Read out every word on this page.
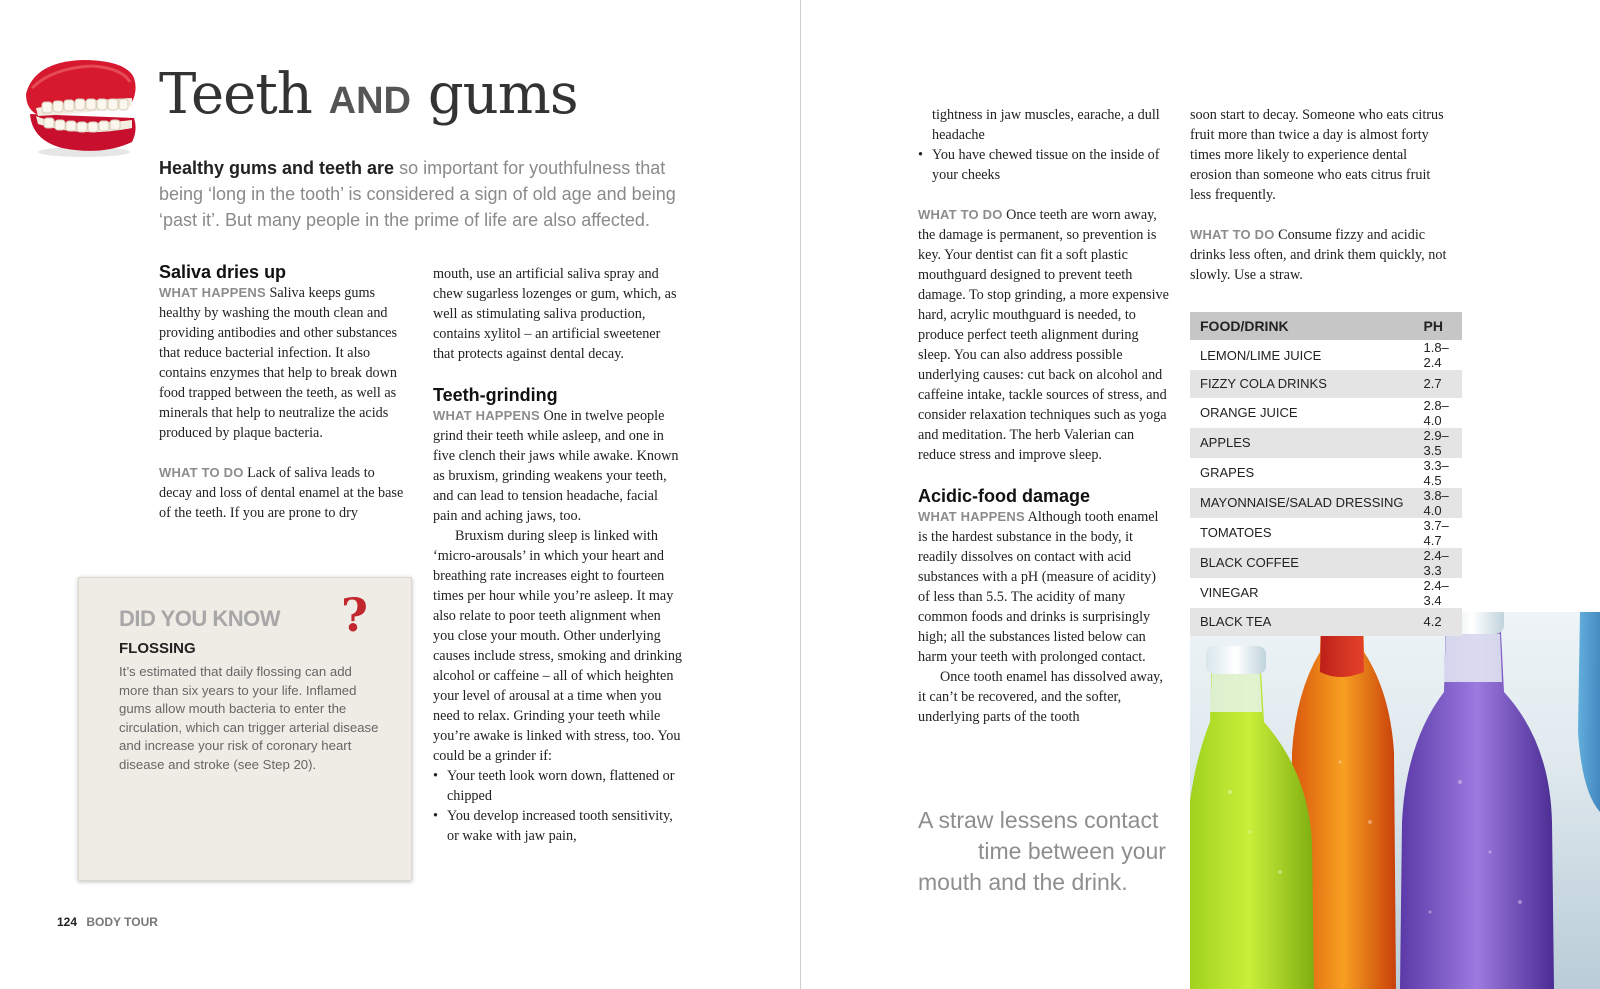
Teeth AND gums
Healthy gums and teeth are so important for youthfulness that being ‘long in the tooth’ is considered a sign of old age and being ‘past it’. But many people in the prime of life are also affected.
Saliva dries up

WHAT HAPPENS Saliva keeps gums healthy by washing the mouth clean and providing antibodies and other substances that reduce bacterial infection. It also contains enzymes that help to break down food trapped between the teeth, as well as minerals that help to neutralize the acids produced by plaque bacteria.

WHAT TO DO Lack of saliva leads to decay and loss of dental enamel at the base of the teeth. If you are prone to dry

mouth, use an artificial saliva spray and chew sugarless lozenges or gum, which, as well as stimulating saliva production, contains xylitol – an artificial sweetener that protects against dental decay.

Teeth-grinding

WHAT HAPPENS One in twelve people grind their teeth while asleep, and one in five clench their jaws while awake. Known as bruxism, grinding weakens your teeth, and can lead to tension headache, facial pain and aching jaws, too.

Bruxism during sleep is linked with ‘micro-arousals’ in which your heart and breathing rate increases eight to fourteen times per hour while you’re asleep. It may also relate to poor teeth alignment when you close your mouth. Other underlying causes include stress, smoking and drinking alcohol or caffeine – all of which heighten your level of arousal at a time when you need to relax. Grinding your teeth while you’re awake is linked with stress, too. You could be a grinder if:

• Your teeth look worn down, flattened or chipped
• You develop increased tooth sensitivity, or wake with jaw pain,
DID YOU KNOW ?
FLOSSING
It’s estimated that daily flossing can add more than six years to your life. Inflamed gums allow mouth bacteria to enter the circulation, which can trigger arterial disease and increase your risk of coronary heart disease and stroke (see Step 20).
124 BODY TOUR

tightness in jaw muscles, earache, a dull headache

• You have chewed tissue on the inside of your cheeks

WHAT TO DO Once teeth are worn away, the damage is permanent, so prevention is key. Your dentist can fit a soft plastic mouthguard designed to prevent teeth damage. To stop grinding, a more expensive hard, acrylic mouthguard is needed, to produce perfect teeth alignment during sleep. You can also address possible underlying causes: cut back on alcohol and caffeine intake, tackle sources of stress, and consider relaxation techniques such as yoga and meditation. The herb Valerian can reduce stress and improve sleep.

Acidic-food damage

WHAT HAPPENS Although tooth enamel is the hardest substance in the body, it readily dissolves on contact with acid substances with a pH (measure of acidity) of less than 5.5. The acidity of many common foods and drinks is surprisingly high; all the substances listed below can harm your teeth with prolonged contact.

Once tooth enamel has dissolved away, it can’t be recovered, and the softer, underlying parts of the tooth

A straw lessens contact
time between your
mouth and the drink.

soon start to decay. Someone who eats citrus fruit more than twice a day is almost forty times more likely to experience dental erosion than someone who eats citrus fruit less frequently.

WHAT TO DO Consume fizzy and acidic drinks less often, and drink them quickly, not slowly. Use a straw.

FOOD/DRINK	PH
LEMON/LIME JUICE	1.8–2.4
FIZZY COLA DRINKS	2.7
ORANGE JUICE	2.8–4.0
APPLES	2.9–3.5
GRAPES	3.3–4.5
MAYONNAISE/SALAD DRESSING	3.8–4.0
TOMATOES	3.7–4.7
BLACK COFFEE	2.4–3.3
VINEGAR	2.4–3.4
BLACK TEA	4.2
